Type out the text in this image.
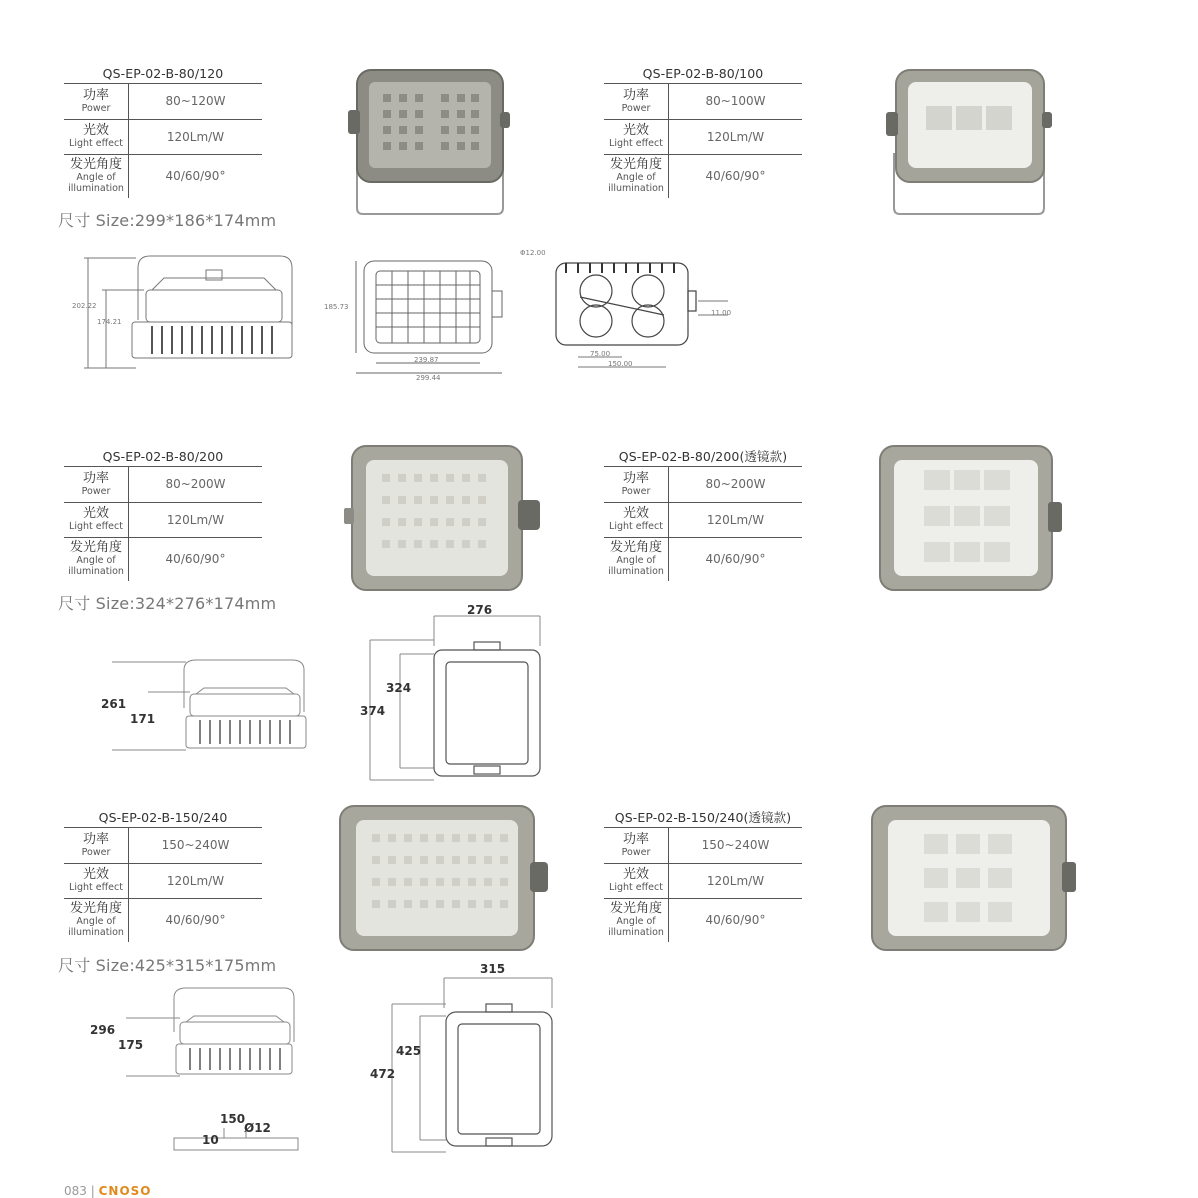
QS-EP-02-B-80/120
功率
Power	80~120W

光效
Light effect	120Lm/W

发光角度
Angle of
illumination	40/60/90°
尺寸 Size:299*186*174mm
QS-EP-02-B-80/100
功率
Power	80~100W

光效
Light effect	120Lm/W

发光角度
Angle of
illumination	40/60/90°
202.22
174.21
185.73
239.87
299.44
Φ12.00
75.00
150.00
11.00
QS-EP-02-B-80/200
功率
Power	80~200W

光效
Light effect	120Lm/W

发光角度
Angle of
illumination	40/60/90°
尺寸 Size:324*276*174mm
QS-EP-02-B-80/200(透镜款)
功率
Power	80~200W

光效
Light effect	120Lm/W

发光角度
Angle of
illumination	40/60/90°
261
171
276
324
374
QS-EP-02-B-150/240
功率
Power	150~240W

光效
Light effect	120Lm/W

发光角度
Angle of
illumination	40/60/90°
尺寸 Size:425*315*175mm
QS-EP-02-B-150/240(透镜款)
功率
Power	150~240W

光效
Light effect	120Lm/W

发光角度
Angle of
illumination	40/60/90°
296
175
150
Ø12
10
315
425
472
083 | CNOSO
